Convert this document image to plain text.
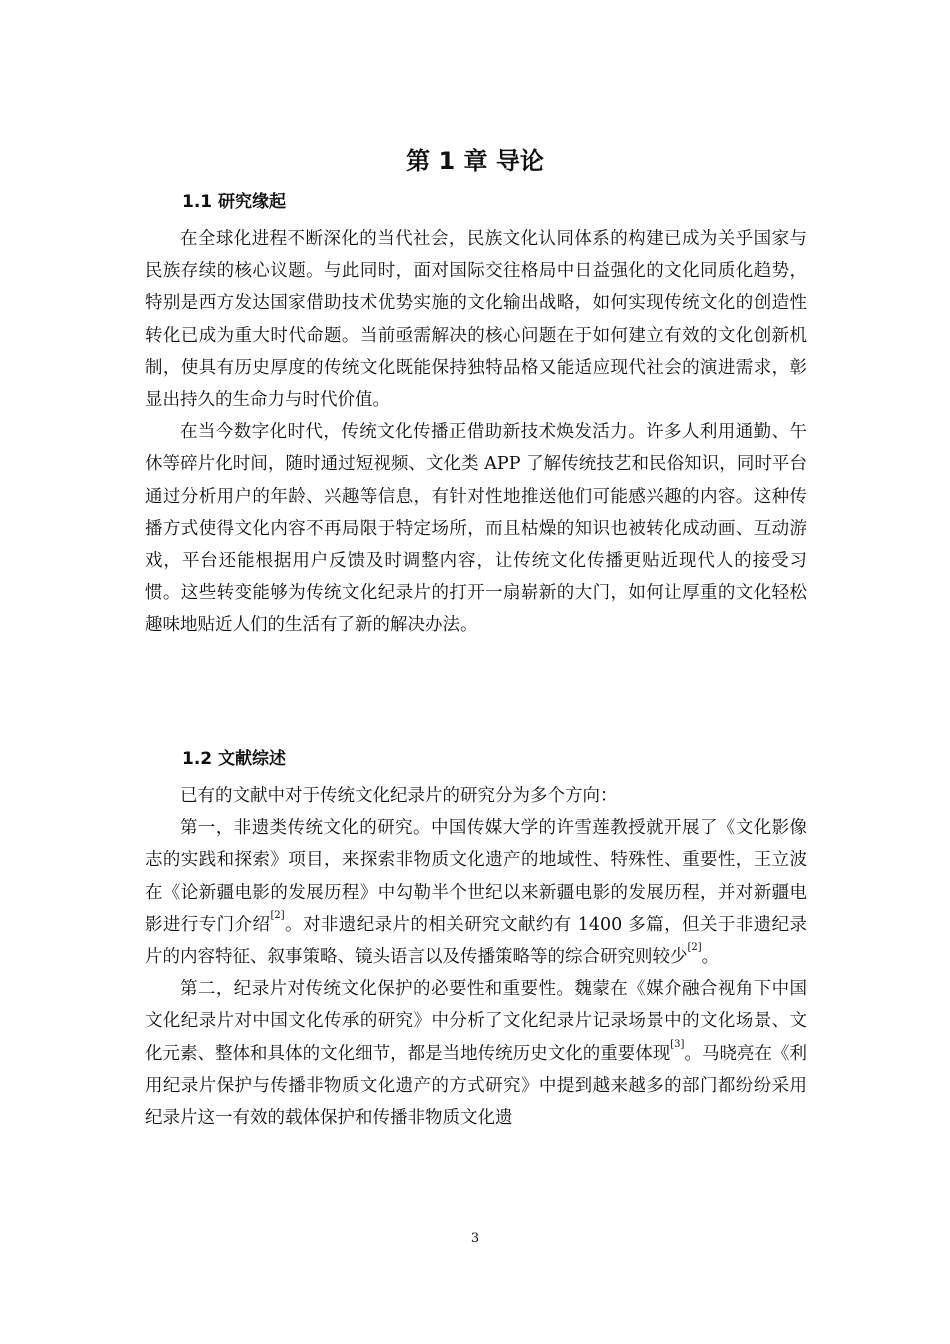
第 1 章 导论
1.1 研究缘起

在全球化进程不断深化的当代社会，民族文化认同体系的构建已成为关乎国家与民族存续的核心议题。与此同时，面对国际交往格局中日益强化的文化同质化趋势，特别是西方发达国家借助技术优势实施的文化输出战略，如何实现传统文化的创造性转化已成为重大时代命题。当前亟需解决的核心问题在于如何建立有效的文化创新机制，使具有历史厚度的传统文化既能保持独特品格又能适应现代社会的演进需求，彰显出持久的生命力与时代价值。

在当今数字化时代，传统文化传播正借助新技术焕发活力。许多人利用通勤、午休等碎片化时间，随时通过短视频、文化类 APP 了解传统技艺和民俗知识，同时平台通过分析用户的年龄、兴趣等信息，有针对性地推送他们可能感兴趣的内容。这种传播方式使得文化内容不再局限于特定场所，而且枯燥的知识也被转化成动画、互动游戏，平台还能根据用户反馈及时调整内容，让传统文化传播更贴近现代人的接受习惯。这些转变能够为传统文化纪录片的打开一扇崭新的大门，如何让厚重的文化轻松趣味地贴近人们的生活有了新的解决办法。

1.2 文献综述

已有的文献中对于传统文化纪录片的研究分为多个方向：

第一，非遗类传统文化的研究。中国传媒大学的许雪莲教授就开展了《文化影像志的实践和探索》项目，来探索非物质文化遗产的地域性、特殊性、重要性，王立波在《论新疆电影的发展历程》中勾勒半个世纪以来新疆电影的发展历程，并对新疆电影进行专门介绍[2]。对非遗纪录片的相关研究文献约有 1400 多篇，但关于非遗纪录片的内容特征、叙事策略、镜头语言以及传播策略等的综合研究则较少[2]。

第二，纪录片对传统文化保护的必要性和重要性。魏蒙在《媒介融合视角下中国文化纪录片对中国文化传承的研究》中分析了文化纪录片记录场景中的文化场景、文化元素、整体和具体的文化细节，都是当地传统历史文化的重要体现[3]。马晓亮在《利用纪录片保护与传播非物质文化遗产的方式研究》中提到越来越多的部门都纷纷采用纪录片这一有效的载体保护和传播非物质文化遗

3
